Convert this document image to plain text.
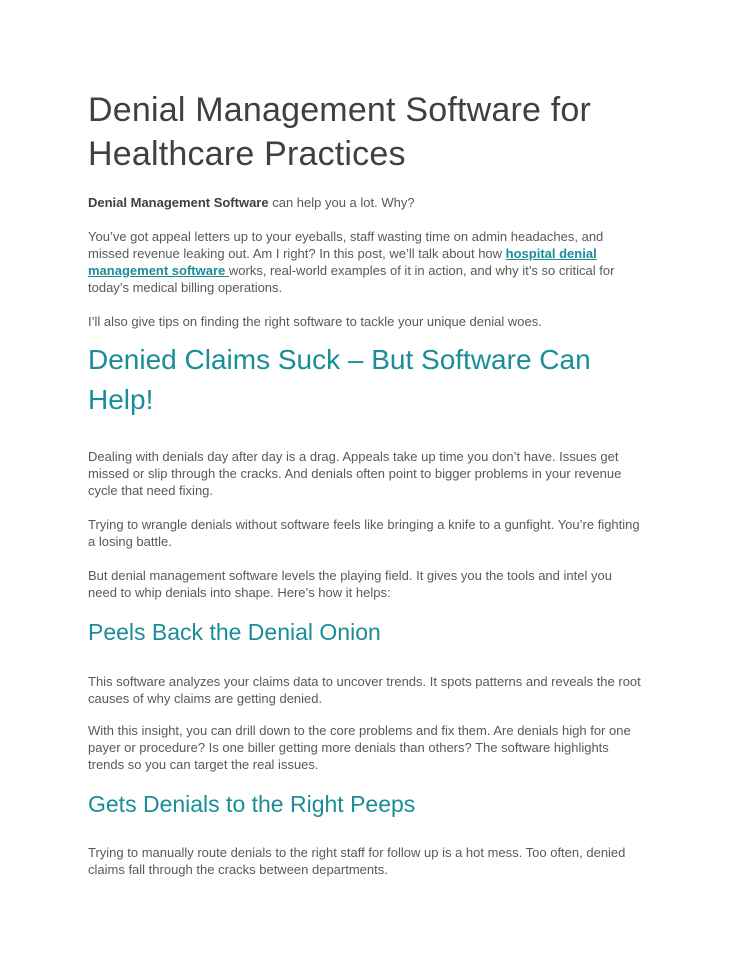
Denial Management Software for
Healthcare Practices

Denial Management Software can help you a lot. Why?

You’ve got appeal letters up to your eyeballs, staff wasting time on admin headaches, and missed revenue leaking out. Am I right? In this post, we’ll talk about how hospital denial management software works, real-world examples of it in action, and why it’s so critical for today’s medical billing operations.

I’ll also give tips on finding the right software to tackle your unique denial woes.

Denied Claims Suck – But Software Can Help!

Dealing with denials day after day is a drag. Appeals take up time you don’t have. Issues get missed or slip through the cracks. And denials often point to bigger problems in your revenue cycle that need fixing.

Trying to wrangle denials without software feels like bringing a knife to a gunfight. You’re fighting a losing battle.

But denial management software levels the playing field. It gives you the tools and intel you need to whip denials into shape. Here’s how it helps:

Peels Back the Denial Onion

This software analyzes your claims data to uncover trends. It spots patterns and reveals the root causes of why claims are getting denied.

With this insight, you can drill down to the core problems and fix them. Are denials high for one payer or procedure? Is one biller getting more denials than others? The software highlights trends so you can target the real issues.

Gets Denials to the Right Peeps

Trying to manually route denials to the right staff for follow up is a hot mess. Too often, denied claims fall through the cracks between departments.
